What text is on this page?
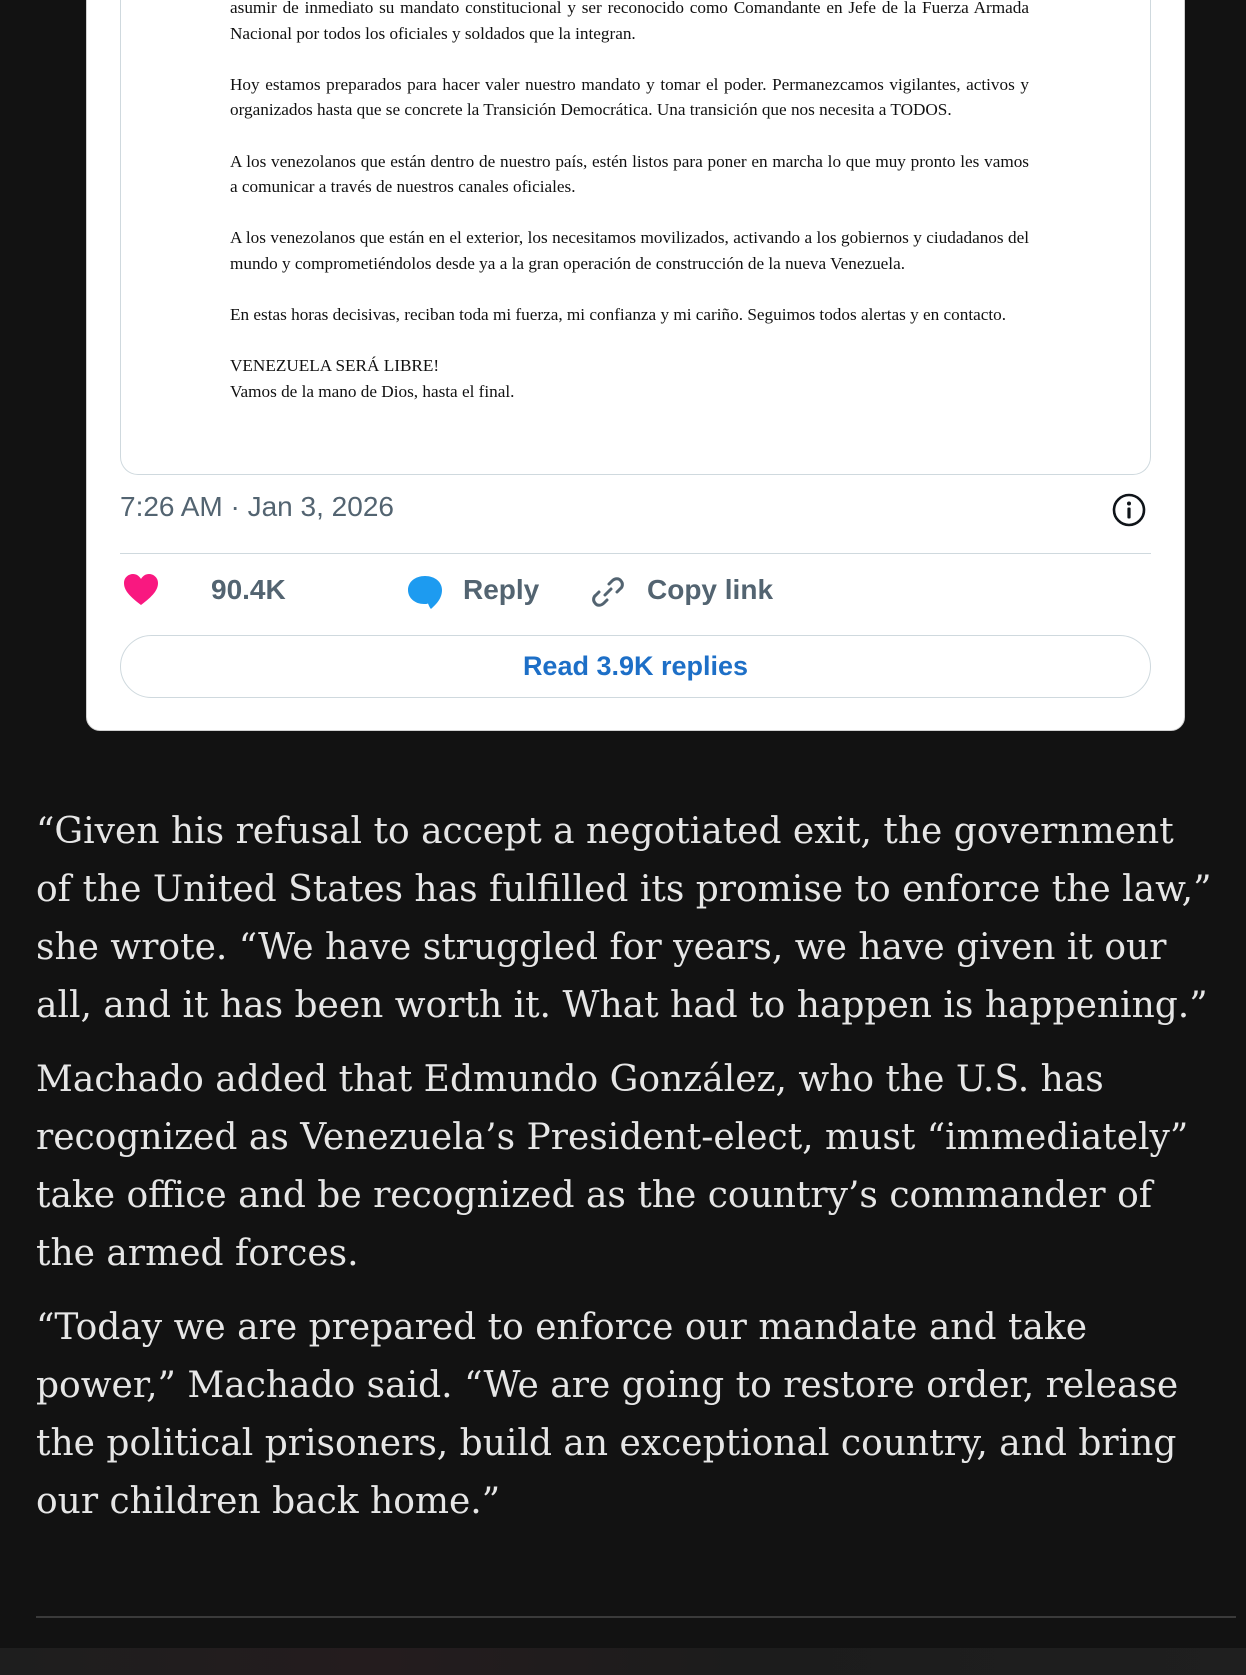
asumir de inmediato su mandato constitucional y ser reconocido como Comandante en Jefe de la Fuerza Armada Nacional por todos los oficiales y soldados que la integran.

Hoy estamos preparados para hacer valer nuestro mandato y tomar el poder. Permanezcamos vigilantes, activos y organizados hasta que se concrete la Transición Democrática. Una transición que nos necesita a TODOS.

A los venezolanos que están dentro de nuestro país, estén listos para poner en marcha lo que muy pronto les vamos a comunicar a través de nuestros canales oficiales.

A los venezolanos que están en el exterior, los necesitamos movilizados, activando a los gobiernos y ciudadanos del mundo y comprometiéndolos desde ya a la gran operación de construcción de la nueva Venezuela.

En estas horas decisivas, reciban toda mi fuerza, mi confianza y mi cariño. Seguimos todos alertas y en contacto.

VENEZUELA SERÁ LIBRE!
Vamos de la mano de Dios, hasta el final.
7:26 AM · Jan 3, 2026
90.4K	Reply	Copy link
Read 3.9K replies

“Given his refusal to accept a negotiated exit, the government
of the United States has fulfilled its promise to enforce the law,”
she wrote. “We have struggled for years, we have given it our
all, and it has been worth it. What had to happen is happening.”

Machado added that Edmundo González, who the U.S. has
recognized as Venezuela’s President-elect, must “immediately”
take office and be recognized as the country’s commander of
the armed forces.

“Today we are prepared to enforce our mandate and take
power,” Machado said. “We are going to restore order, release
the political prisoners, build an exceptional country, and bring
our children back home.”
